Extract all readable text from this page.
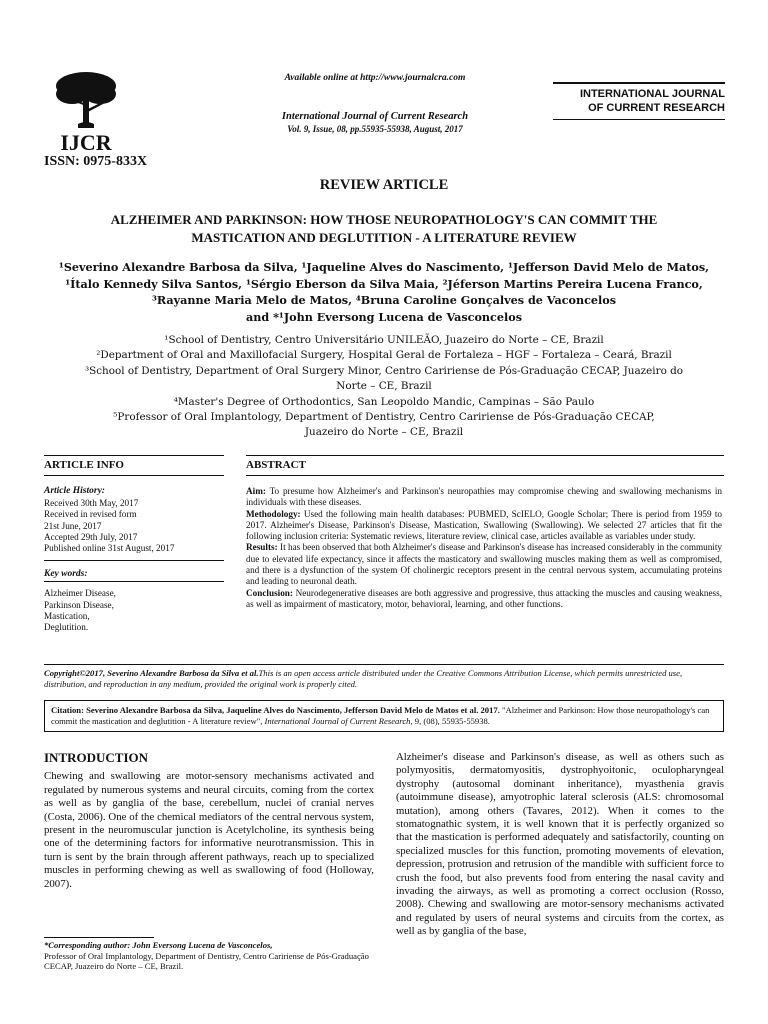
IJCR
ISSN: 0975-833X
Available online at http://www.journalcra.com
International Journal of Current Research
Vol. 9, Issue, 08, pp.55935-55938, August, 2017
INTERNATIONAL JOURNAL
OF CURRENT RESEARCH
REVIEW ARTICLE
ALZHEIMER AND PARKINSON: HOW THOSE NEUROPATHOLOGY'S CAN COMMIT THE
MASTICATION AND DEGLUTITION - A LITERATURE REVIEW
¹Severino Alexandre Barbosa da Silva, ¹Jaqueline Alves do Nascimento, ¹Jefferson David Melo de Matos,
¹Ítalo Kennedy Silva Santos, ¹Sérgio Eberson da Silva Maia, ²Jéferson Martins Pereira Lucena Franco,
³Rayanne Maria Melo de Matos, ⁴Bruna Caroline Gonçalves de Vaconcelos
and *¹John Eversong Lucena de Vasconcelos
¹School of Dentistry, Centro Universitário UNILEÃO, Juazeiro do Norte – CE, Brazil
²Department of Oral and Maxillofacial Surgery, Hospital Geral de Fortaleza – HGF – Fortaleza – Ceará, Brazil
³School of Dentistry, Department of Oral Surgery Minor, Centro Caririense de Pós-Graduação CECAP, Juazeiro do
Norte – CE, Brazil
⁴Master's Degree of Orthodontics, San Leopoldo Mandic, Campinas – São Paulo
⁵Professor of Oral Implantology, Department of Dentistry, Centro Caririense de Pós-Graduação CECAP,
Juazeiro do Norte – CE, Brazil
ARTICLE INFO	ABSTRACT
Article History:
Received 30th May, 2017
Received in revised form
21st June, 2017
Accepted 29th July, 2017
Published online 31st August, 2017
Key words:
Alzheimer Disease,
Parkinson Disease,
Mastication,
Deglutition.

Aim: To presume how Alzheimer's and Parkinson's neuropathies may compromise chewing and swallowing mechanisms in individuals with these diseases.

Methodology: Used the following main health databases: PUBMED, ScIELO, Google Scholar; There is period from 1959 to 2017. Alzheimer's Disease, Parkinson's Disease, Mastication, Swallowing (Swallowing). We selected 27 articles that fit the following inclusion criteria: Systematic reviews, literature review, clinical case, articles available as variables under study.

Results: It has been observed that both Alzheimer's disease and Parkinson's disease has increased considerably in the community due to elevated life expectancy, since it affects the masticatory and swallowing muscles making them as well as compromised, and there is a dysfunction of the system Of cholinergic receptors present in the central nervous system, accumulating proteins and leading to neuronal death.

Conclusion: Neurodegenerative diseases are both aggressive and progressive, thus attacking the muscles and causing weakness, as well as impairment of masticatory, motor, behavioral, learning, and other functions.

Copyright©2017, Severino Alexandre Barbosa da Silva et al.This is an open access article distributed under the Creative Commons Attribution License, which permits unrestricted use, distribution, and reproduction in any medium, provided the original work is properly cited.
Citation: Severino Alexandre Barbosa da Silva, Jaqueline Alves do Nascimento, Jefferson David Melo de Matos et al. 2017. "Alzheimer and Parkinson: How those neuropathology's can commit the mastication and deglutition - A literature review", International Journal of Current Research, 9, (08), 55935-55938.
INTRODUCTION

Chewing and swallowing are motor-sensory mechanisms activated and regulated by numerous systems and neural circuits, coming from the cortex as well as by ganglia of the base, cerebellum, nuclei of cranial nerves (Costa, 2006). One of the chemical mediators of the central nervous system, present in the neuromuscular junction is Acetylcholine, its synthesis being one of the determining factors for informative neurotransmission. This in turn is sent by the brain through afferent pathways, reach up to specialized muscles in performing chewing as well as swallowing of food (Holloway, 2007).

*Corresponding author: John Eversong Lucena de Vasconcelos,
Professor of Oral Implantology, Department of Dentistry, Centro Caririense de Pós-Graduação CECAP, Juazeiro do Norte – CE, Brazil.

Alzheimer's disease and Parkinson's disease, as well as others such as polymyositis, dermatomyositis, dystrophyoitonic, oculopharyngeal dystrophy (autosomal dominant inheritance), myasthenia gravis (autoimmune disease), amyotrophic lateral sclerosis (ALS: chromosomal mutation), among others (Tavares, 2012). When it comes to the stomatognathic system, it is well known that it is perfectly organized so that the mastication is performed adequately and satisfactorily, counting on specialized muscles for this function, promoting movements of elevation, depression, protrusion and retrusion of the mandible with sufficient force to crush the food, but also prevents food from entering the nasal cavity and invading the airways, as well as promoting a correct occlusion (Rosso, 2008). Chewing and swallowing are motor-sensory mechanisms activated and regulated by users of neural systems and circuits from the cortex, as well as by ganglia of the base,
